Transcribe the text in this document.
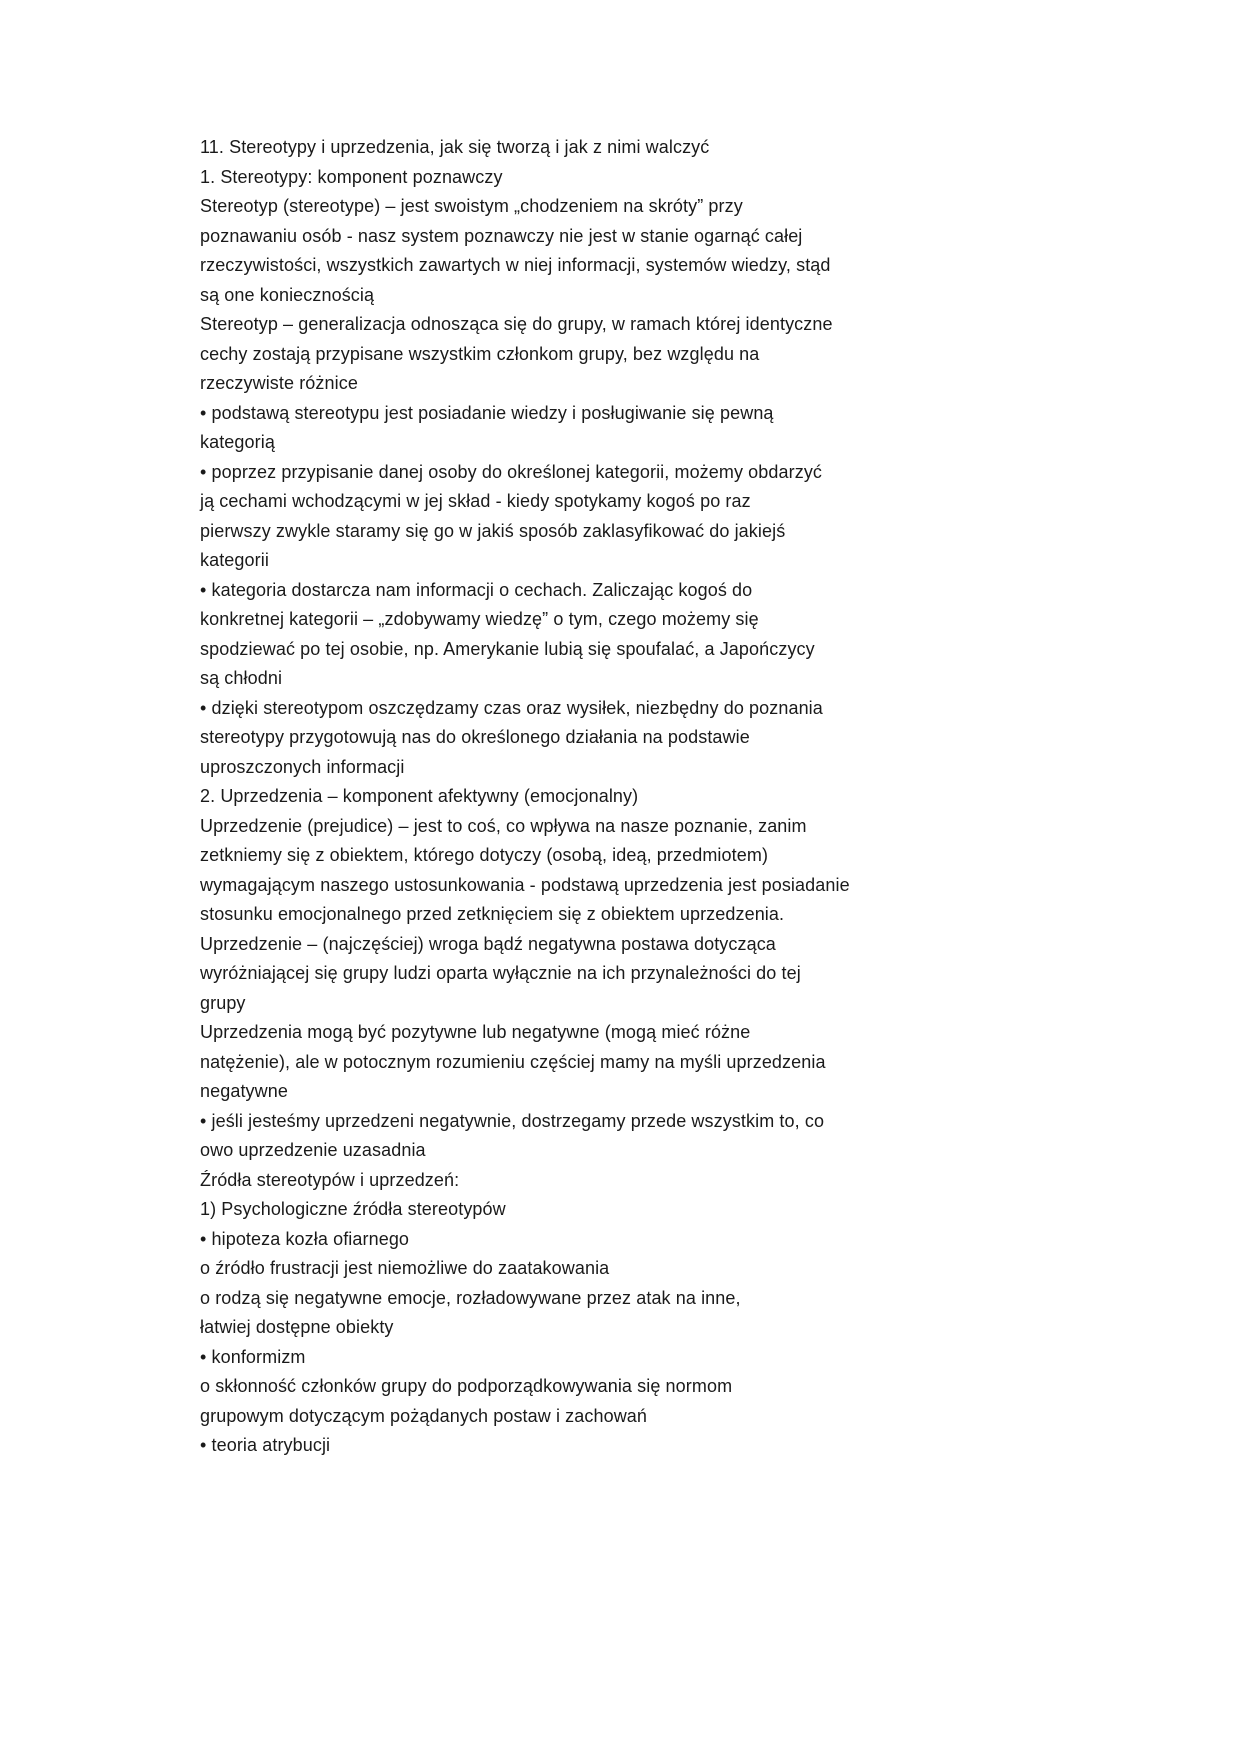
11. Stereotypy i uprzedzenia, jak się tworzą i jak z nimi walczyć
1. Stereotypy: komponent poznawczy
Stereotyp (stereotype) – jest swoistym „chodzeniem na skróty” przy
poznawaniu osób - nasz system poznawczy nie jest w stanie ogarnąć całej
rzeczywistości, wszystkich zawartych w niej informacji, systemów wiedzy, stąd
są one koniecznością
Stereotyp – generalizacja odnosząca się do grupy, w ramach której identyczne
cechy zostają przypisane wszystkim członkom grupy, bez względu na
rzeczywiste różnice
• podstawą stereotypu jest posiadanie wiedzy i posługiwanie się pewną
kategorią
• poprzez przypisanie danej osoby do określonej kategorii, możemy obdarzyć
ją cechami wchodzącymi w jej skład - kiedy spotykamy kogoś po raz
pierwszy zwykle staramy się go w jakiś sposób zaklasyfikować do jakiejś
kategorii
• kategoria dostarcza nam informacji o cechach. Zaliczając kogoś do
konkretnej kategorii – „zdobywamy wiedzę” o tym, czego możemy się
spodziewać po tej osobie, np. Amerykanie lubią się spoufalać, a Japończycy
są chłodni
• dzięki stereotypom oszczędzamy czas oraz wysiłek, niezbędny do poznania
stereotypy przygotowują nas do określonego działania na podstawie
uproszczonych informacji
2. Uprzedzenia – komponent afektywny (emocjonalny)
Uprzedzenie (prejudice) – jest to coś, co wpływa na nasze poznanie, zanim
zetkniemy się z obiektem, którego dotyczy (osobą, ideą, przedmiotem)
wymagającym naszego ustosunkowania - podstawą uprzedzenia jest posiadanie
stosunku emocjonalnego przed zetknięciem się z obiektem uprzedzenia.
Uprzedzenie – (najczęściej) wroga bądź negatywna postawa dotycząca
wyróżniającej się grupy ludzi oparta wyłącznie na ich przynależności do tej
grupy
Uprzedzenia mogą być pozytywne lub negatywne (mogą mieć różne
natężenie), ale w potocznym rozumieniu częściej mamy na myśli uprzedzenia
negatywne
• jeśli jesteśmy uprzedzeni negatywnie, dostrzegamy przede wszystkim to, co
owo uprzedzenie uzasadnia
Źródła stereotypów i uprzedzeń:
1) Psychologiczne źródła stereotypów
• hipoteza kozła ofiarnego
o źródło frustracji jest niemożliwe do zaatakowania
o rodzą się negatywne emocje, rozładowywane przez atak na inne,
łatwiej dostępne obiekty
• konformizm
o skłonność członków grupy do podporządkowywania się normom
grupowym dotyczącym pożądanych postaw i zachowań
• teoria atrybucji
